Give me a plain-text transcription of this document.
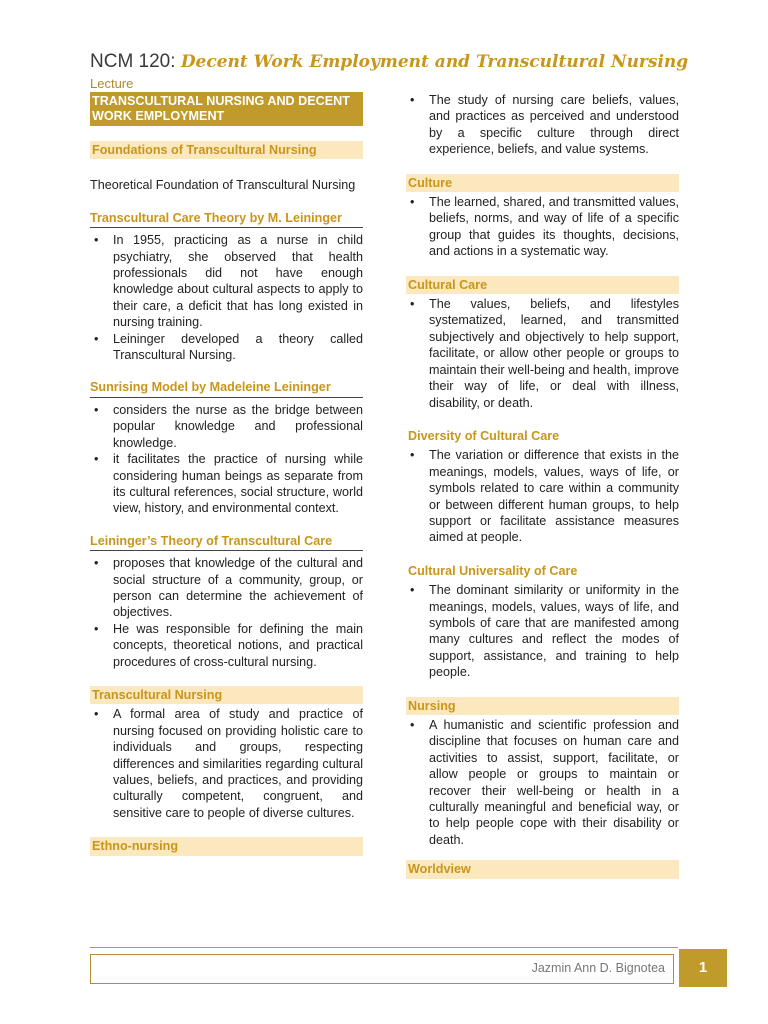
NCM 120: Decent Work Employment and Transcultural Nursing
Lecture
TRANSCULTURAL NURSING AND DECENT WORK EMPLOYMENT
Foundations of Transcultural Nursing

Theoretical Foundation of Transcultural Nursing

Transcultural Care Theory by M. Leininger
• In 1955, practicing as a nurse in child psychiatry, she observed that health professionals did not have enough knowledge about cultural aspects to apply to their care, a deficit that has long existed in nursing training.
• Leininger developed a theory called Transcultural Nursing.
Sunrising Model by Madeleine Leininger
• considers the nurse as the bridge between popular knowledge and professional knowledge.
• it facilitates the practice of nursing while considering human beings as separate from its cultural references, social structure, world view, history, and environmental context.
Leininger’s Theory of Transcultural Care
• proposes that knowledge of the cultural and social structure of a community, group, or person can determine the achievement of objectives.
• He was responsible for defining the main concepts, theoretical notions, and practical procedures of cross-cultural nursing.
Transcultural Nursing
• A formal area of study and practice of nursing focused on providing holistic care to individuals and groups, respecting differences and similarities regarding cultural values, beliefs, and practices, and providing culturally competent, congruent, and sensitive care to people of diverse cultures.
Ethno-nursing
• The study of nursing care beliefs, values, and practices as perceived and understood by a specific culture through direct experience, beliefs, and value systems.
Culture
• The learned, shared, and transmitted values, beliefs, norms, and way of life of a specific group that guides its thoughts, decisions, and actions in a systematic way.
Cultural Care
• The values, beliefs, and lifestyles systematized, learned, and transmitted subjectively and objectively to help support, facilitate, or allow other people or groups to maintain their well-being and health, improve their way of life, or deal with illness, disability, or death.
Diversity of Cultural Care
• The variation or difference that exists in the meanings, models, values, ways of life, or symbols related to care within a community or between different human groups, to help support or facilitate assistance measures aimed at people.
Cultural Universality of Care
• The dominant similarity or uniformity in the meanings, models, values, ways of life, and symbols of care that are manifested among many cultures and reflect the modes of support, assistance, and training to help people.
Nursing
• A humanistic and scientific profession and discipline that focuses on human care and activities to assist, support, facilitate, or allow people or groups to maintain or recover their well-being or health in a culturally meaningful and beneficial way, or to help people cope with their disability or death.
Worldview
Jazmin Ann D. Bignotea	1
